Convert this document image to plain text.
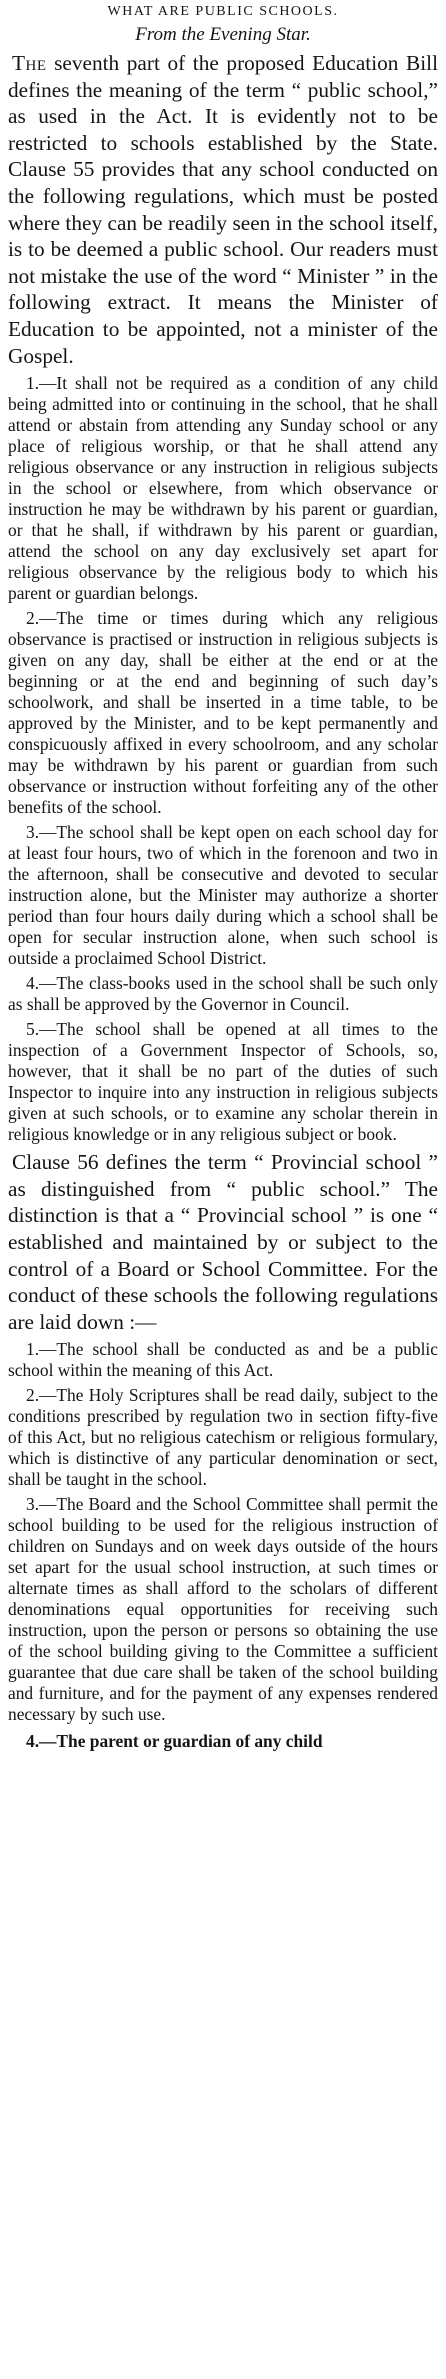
WHAT ARE PUBLIC SCHOOLS.
From the Evening Star.

The seventh part of the proposed Education Bill defines the meaning of the term “ public school,” as used in the Act. It is evidently not to be restricted to schools established by the State. Clause 55 provides that any school conducted on the following regulations, which must be posted where they can be readily seen in the school itself, is to be deemed a public school. Our readers must not mistake the use of the word “ Minister ” in the following extract. It means the Minister of Education to be appointed, not a minister of the Gospel.

1.—It shall not be required as a condition of any child being admitted into or continuing in the school, that he shall attend or abstain from attending any Sunday school or any place of religious worship, or that he shall attend any religious observance or any instruction in religious subjects in the school or elsewhere, from which observance or instruction he may be withdrawn by his parent or guardian, or that he shall, if withdrawn by his parent or guardian, attend the school on any day exclusively set apart for religious observance by the religious body to which his parent or guardian belongs.

2.—The time or times during which any religious observance is practised or instruction in religious subjects is given on any day, shall be either at the end or at the beginning or at the end and beginning of such day’s schoolwork, and shall be inserted in a time table, to be approved by the Minister, and to be kept permanently and conspicuously affixed in every schoolroom, and any scholar may be withdrawn by his parent or guardian from such observance or instruction without forfeiting any of the other benefits of the school.

3.—The school shall be kept open on each school day for at least four hours, two of which in the forenoon and two in the afternoon, shall be consecutive and devoted to secular instruction alone, but the Minister may authorize a shorter period than four hours daily during which a school shall be open for secular instruction alone, when such school is outside a proclaimed School District.

4.—The class-books used in the school shall be such only as shall be approved by the Governor in Council.

5.—The school shall be opened at all times to the inspection of a Government Inspector of Schools, so, however, that it shall be no part of the duties of such Inspector to inquire into any instruction in religious subjects given at such schools, or to examine any scholar therein in religious knowledge or in any religious subject or book.

Clause 56 defines the term “ Provincial school ” as distinguished from “ public school.” The distinction is that a “ Provincial school ” is one “ established and maintained by or subject to the control of a Board or School Committee. For the conduct of these schools the following regulations are laid down :—

1.—The school shall be conducted as and be a public school within the meaning of this Act.

2.—The Holy Scriptures shall be read daily, subject to the conditions prescribed by regulation two in section fifty-five of this Act, but no religious catechism or religious formulary, which is distinctive of any particular denomination or sect, shall be taught in the school.

3.—The Board and the School Committee shall permit the school building to be used for the religious instruction of children on Sundays and on week days outside of the hours set apart for the usual school instruction, at such times or alternate times as shall afford to the scholars of different denominations equal opportunities for receiving such instruction, upon the person or persons so obtaining the use of the school building giving to the Committee a sufficient guarantee that due care shall be taken of the school building and furniture, and for the payment of any expenses rendered necessary by such use.

4.—The parent or guardian of any child
